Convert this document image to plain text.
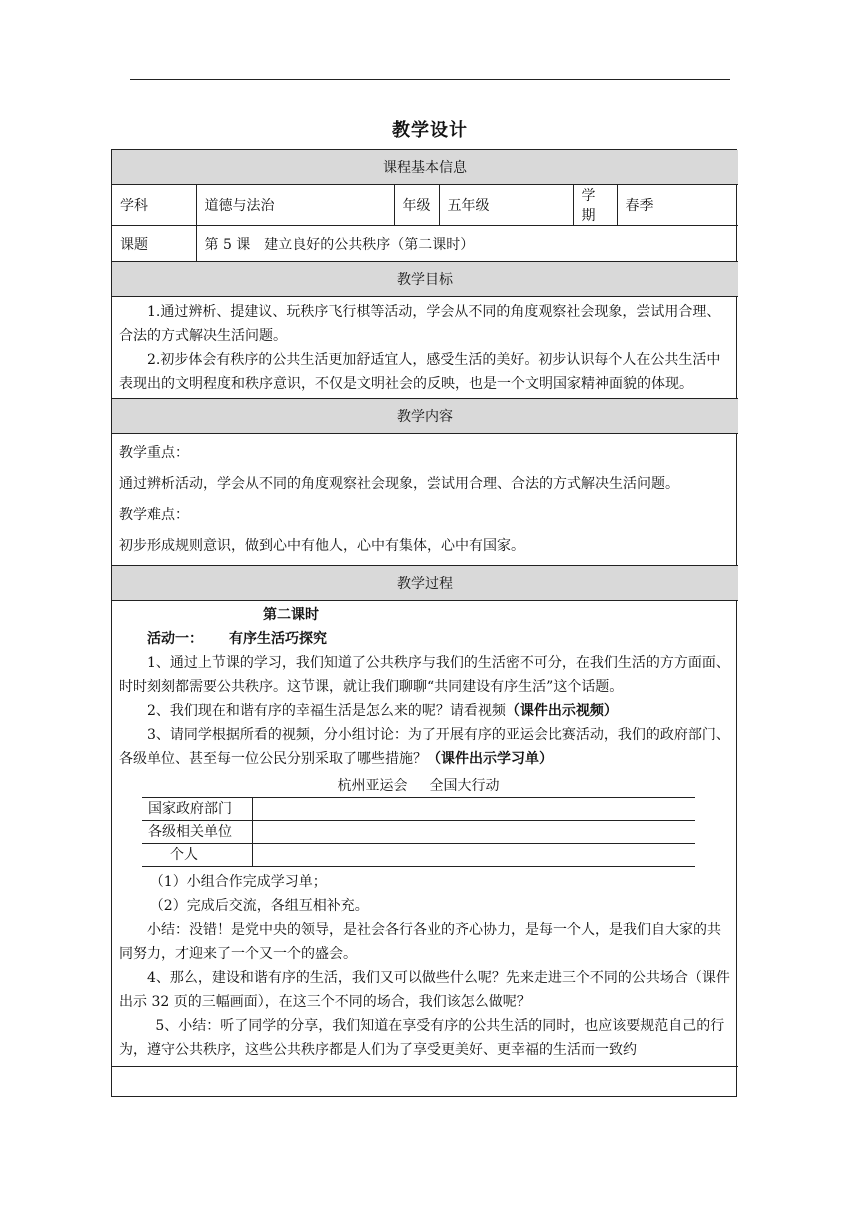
教学设计
课程基本信息
学科	道德与法治	年级	五年级	学期	春季
课题	第 5 课　建立良好的公共秩序（第二课时）
教学目标

1.通过辨析、提建议、玩秩序飞行棋等活动，学会从不同的角度观察社会现象，尝试用合理、合法的方式解决生活问题。

2.初步体会有秩序的公共生活更加舒适宜人，感受生活的美好。初步认识每个人在公共生活中表现出的文明程度和秩序意识，不仅是文明社会的反映，也是一个文明国家精神面貌的体现。

教学内容

教学重点：

通过辨析活动，学会从不同的角度观察社会现象，尝试用合理、合法的方式解决生活问题。

教学难点：

初步形成规则意识，做到心中有他人，心中有集体，心中有国家。

教学过程

第二课时

活动一： 有序生活巧探究

1、通过上节课的学习，我们知道了公共秩序与我们的生活密不可分，在我们生活的方方面面、时时刻刻都需要公共秩序。这节课，就让我们聊聊“共同建设有序生活”这个话题。

2、我们现在和谐有序的幸福生活是怎么来的呢？请看视频（课件出示视频）

3、请同学根据所看的视频，分小组讨论：为了开展有序的亚运会比赛活动，我们的政府部门、各级单位、甚至每一位公民分别采取了哪些措施？（课件出示学习单）

杭州亚运会 全国大行动
国家政府部门	
各级相关单位	
个人	

（1）小组合作完成学习单；

（2）完成后交流，各组互相补充。

小结：没错！是党中央的领导，是社会各行各业的齐心协力，是每一个人，是我们自大家的共同努力，才迎来了一个又一个的盛会。

4、那么，建设和谐有序的生活，我们又可以做些什么呢？先来走进三个不同的公共场合（课件出示 32 页的三幅画面），在这三个不同的场合，我们该怎么做呢？

5、小结：听了同学的分享，我们知道在享受有序的公共生活的同时，也应该要规范自己的行为，遵守公共秩序，这些公共秩序都是人们为了享受更美好、更幸福的生活而一致约
